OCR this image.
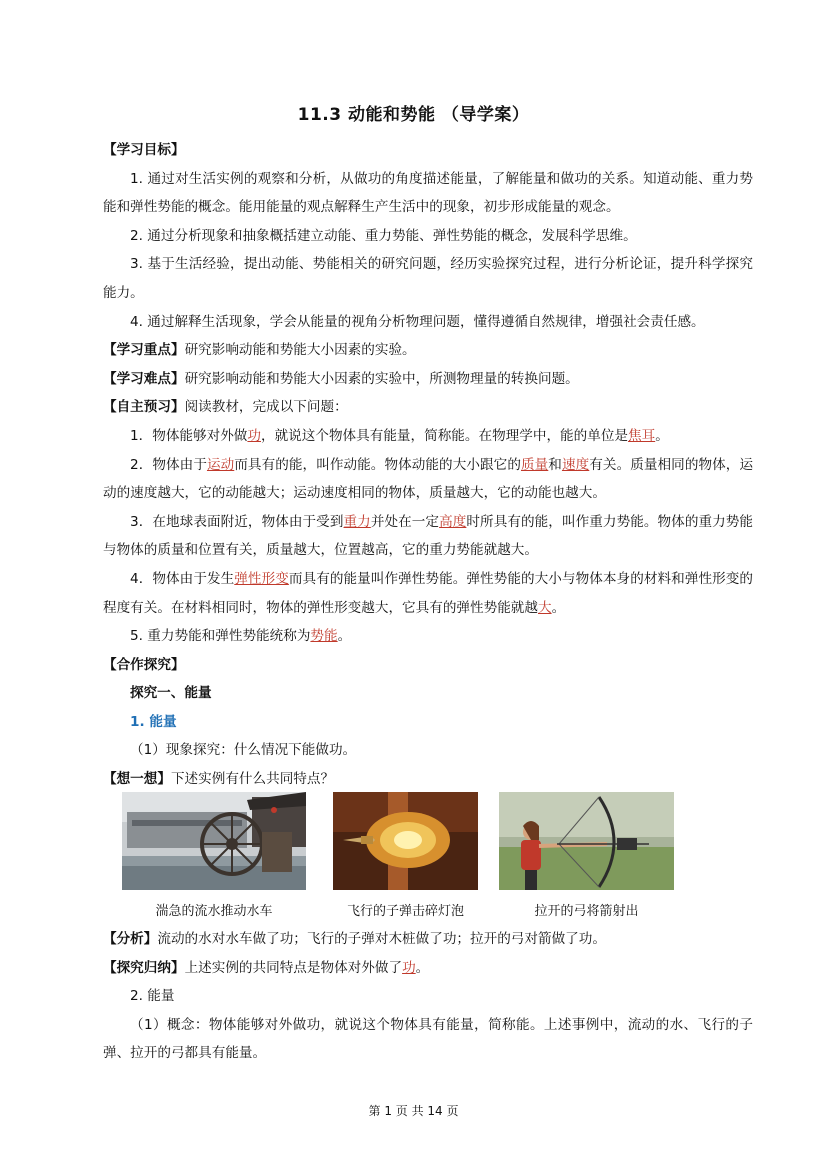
11.3 动能和势能 （导学案）

【学习目标】

1. 通过对生活实例的观察和分析，从做功的角度描述能量，了解能量和做功的关系。知道动能、重力势能和弹性势能的概念。能用能量的观点解释生产生活中的现象，初步形成能量的观念。

2. 通过分析现象和抽象概括建立动能、重力势能、弹性势能的概念，发展科学思维。

3. 基于生活经验，提出动能、势能相关的研究问题，经历实验探究过程，进行分析论证，提升科学探究能力。

4. 通过解释生活现象，学会从能量的视角分析物理问题，懂得遵循自然规律，增强社会责任感。

【学习重点】研究影响动能和势能大小因素的实验。

【学习难点】研究影响动能和势能大小因素的实验中，所测物理量的转换问题。

【自主预习】阅读教材，完成以下问题：

1．物体能够对外做功，就说这个物体具有能量，简称能。在物理学中，能的单位是焦耳。

2．物体由于运动而具有的能，叫作动能。物体动能的大小跟它的质量和速度有关。质量相同的物体，运动的速度越大，它的动能越大；运动速度相同的物体，质量越大，它的动能也越大。

3．在地球表面附近，物体由于受到重力并处在一定高度时所具有的能，叫作重力势能。物体的重力势能与物体的质量和位置有关，质量越大，位置越高，它的重力势能就越大。

4．物体由于发生弹性形变而具有的能量叫作弹性势能。弹性势能的大小与物体本身的材料和弹性形变的程度有关。在材料相同时，物体的弹性形变越大，它具有的弹性势能就越大。

5. 重力势能和弹性势能统称为势能。

【合作探究】

探究一、能量

1. 能量

（1）现象探究：什么情况下能做功。

【想一想】下述实例有什么共同特点？

湍急的流水推动水车	飞行的子弹击碎灯泡	拉开的弓将箭射出

【分析】流动的水对水车做了功；飞行的子弹对木桩做了功；拉开的弓对箭做了功。

【探究归纳】上述实例的共同特点是物体对外做了功。

2. 能量

（1）概念：物体能够对外做功，就说这个物体具有能量，简称能。上述事例中，流动的水、飞行的子弹、拉开的弓都具有能量。

第 1 页 共 14 页
